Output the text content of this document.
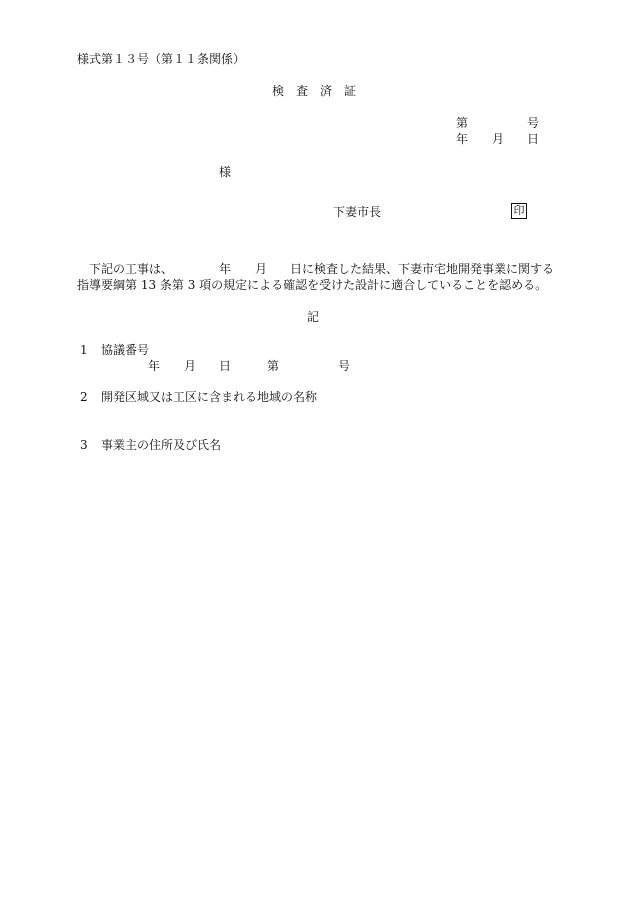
様式第１３号（第１１条関係）
検　査　済　証
第	号
年 月 日
様
下妻市長	印
下記の工事は、	年 月 日に検査した結果、下妻市宅地開発事業に関する
指導要綱第 13 条第 3 項の規定による確認を受けた設計に適合していることを認める。
記
1 協議番号
年 月 日	第	号
2 開発区域又は工区に含まれる地域の名称
3 事業主の住所及び氏名
